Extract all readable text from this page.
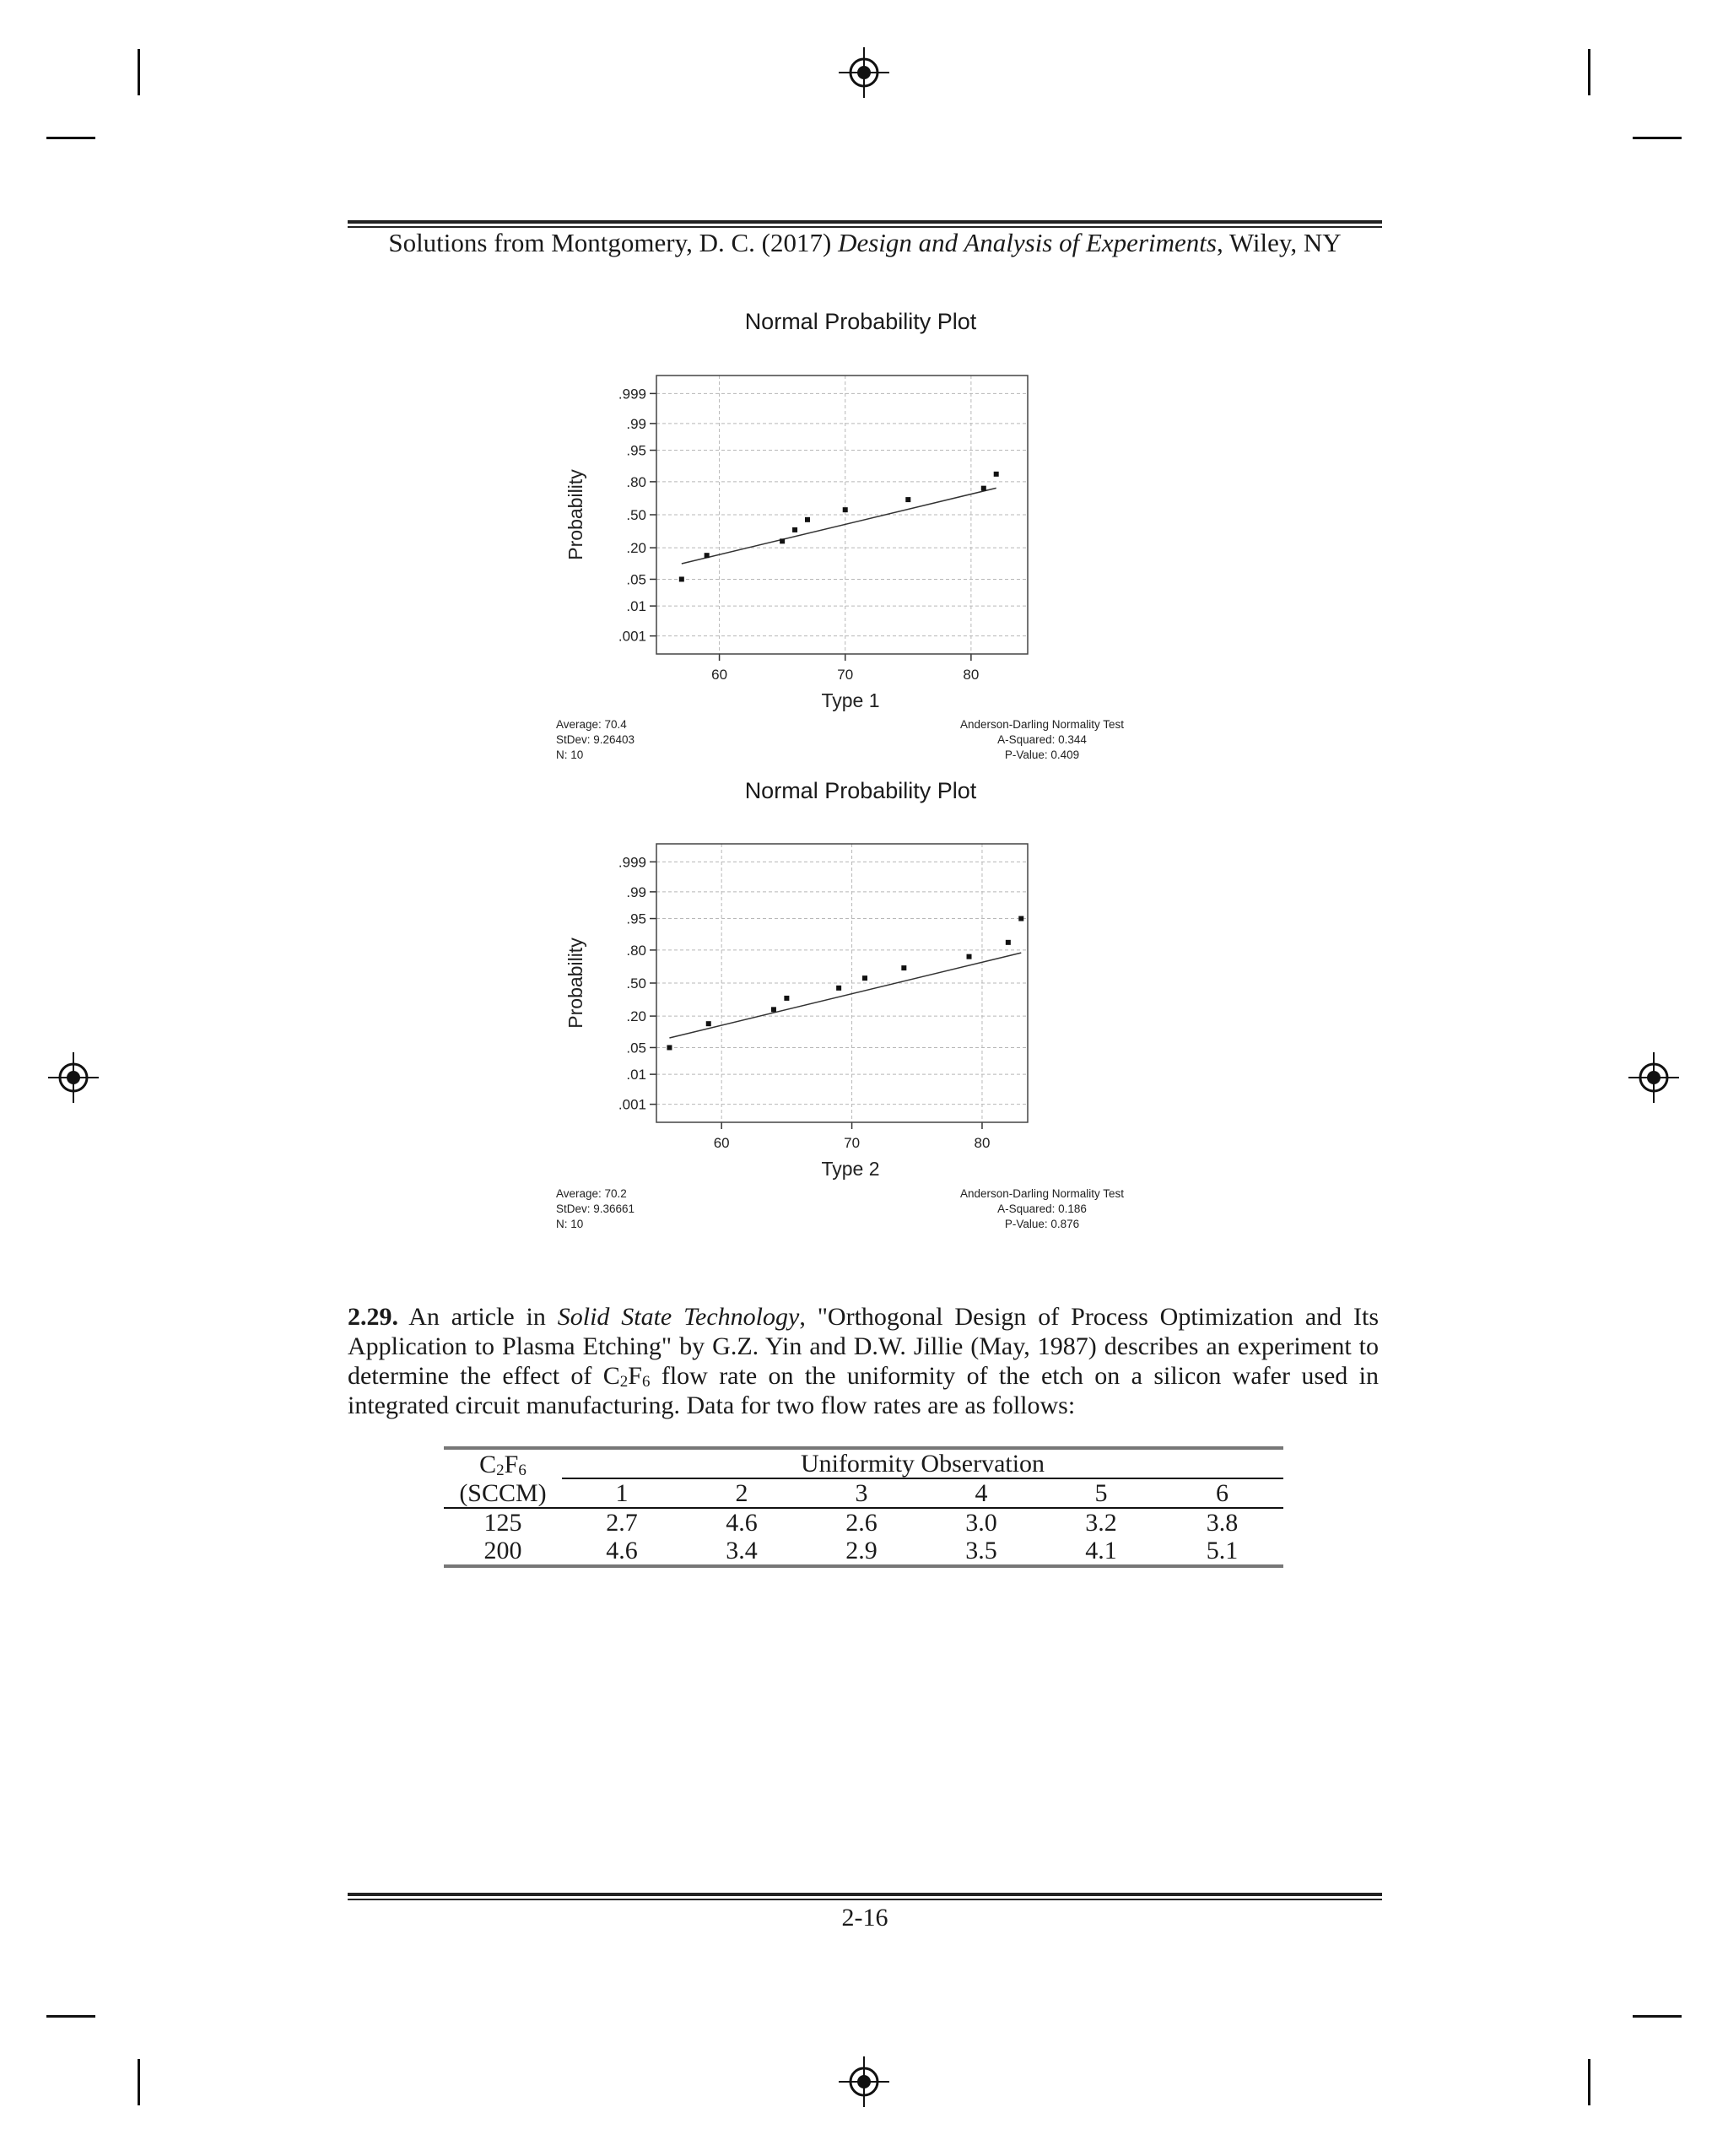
Solutions from Montgomery, D. C. (2017) Design and Analysis of Experiments, Wiley, NY
Normal Probability Plot
.001
.01
.05
.20
.50
.80
.95
.99
.999
60	70	80
Type 1
Probability
Average: 70.4
StDev: 9.26403
N: 10
Anderson-Darling Normality Test
A-Squared: 0.344
P-Value: 0.409
Normal Probability Plot
.001
.01
.05
.20
.50
.80
.95
.99
.999
60	70	80
Type 2
Probability
Average: 70.2
StDev: 9.36661
N: 10
Anderson-Darling Normality Test
A-Squared: 0.186
P-Value: 0.876

2.29. An article in Solid State Technology, "Orthogonal Design of Process Optimization and Its Application to Plasma Etching" by G.Z. Yin and D.W. Jillie (May, 1987) describes an experiment to determine the effect of $C_2F_6$ flow rate on the uniformity of the etch on a silicon wafer used in integrated circuit manufacturing. Data for two flow rates are as follows:

$C_2F_6$	Uniformity Observation					
(SCCM)	1	2	3	4	5	6
125	2.7	4.6	2.6	3.0	3.2	3.8
200	4.6	3.4	2.9	3.5	4.1	5.1
2-16
